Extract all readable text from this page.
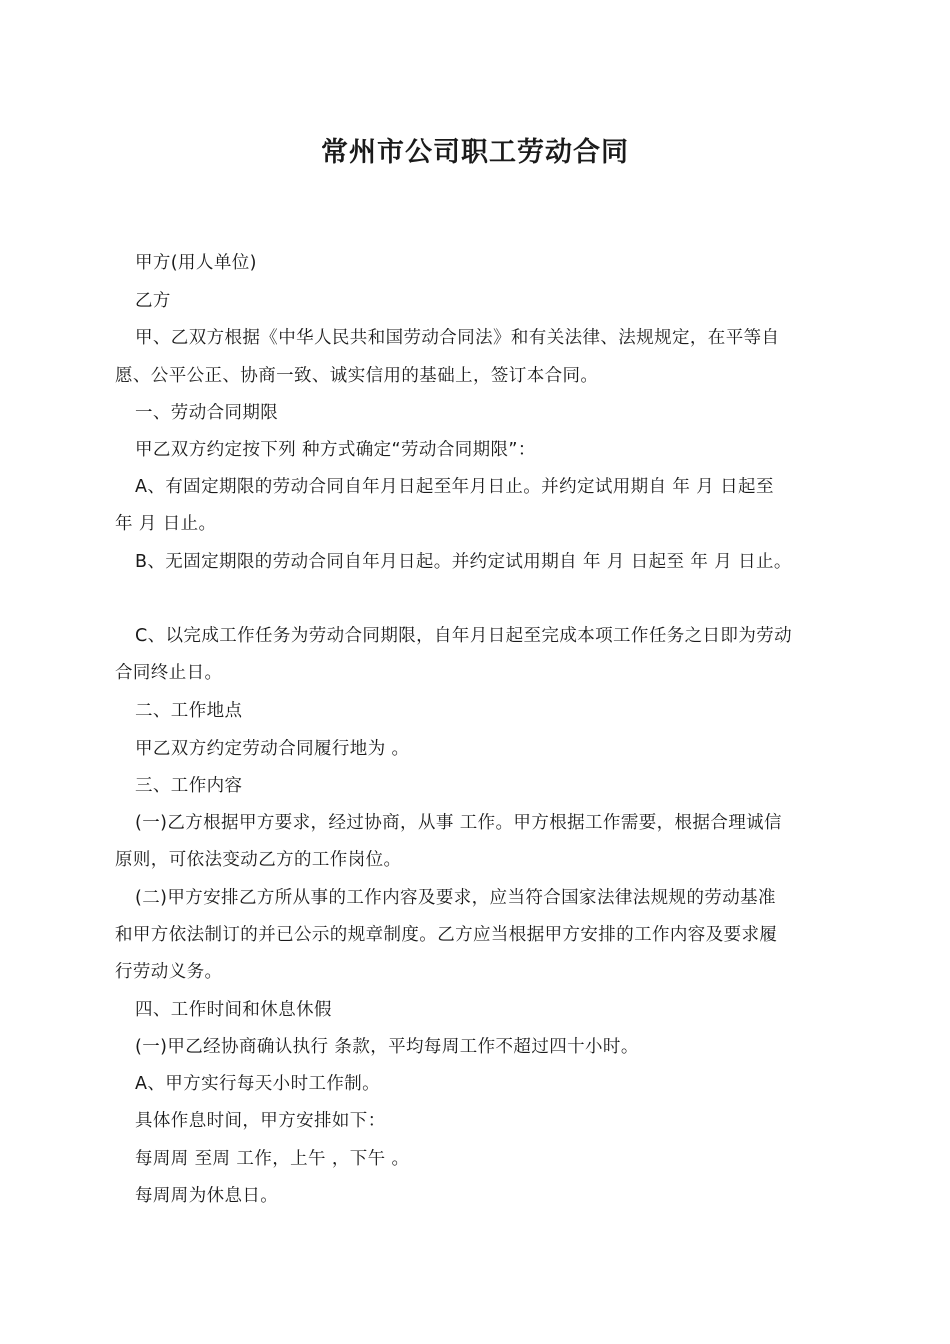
常州市公司职工劳动合同
甲方(用人单位)
乙方
甲、乙双方根据《中华人民共和国劳动合同法》和有关法律、法规规定，在平等自
愿、公平公正、协商一致、诚实信用的基础上，签订本合同。
一、劳动合同期限
甲乙双方约定按下列 种方式确定“劳动合同期限”：
A、有固定期限的劳动合同自年月日起至年月日止。并约定试用期自 年 月 日起至
年 月 日止。
B、无固定期限的劳动合同自年月日起。并约定试用期自 年 月 日起至 年 月 日止。
C、以完成工作任务为劳动合同期限，自年月日起至完成本项工作任务之日即为劳动
合同终止日。
二、工作地点
甲乙双方约定劳动合同履行地为 。
三、工作内容
(一)乙方根据甲方要求，经过协商，从事 工作。甲方根据工作需要，根据合理诚信
原则，可依法变动乙方的工作岗位。
(二)甲方安排乙方所从事的工作内容及要求，应当符合国家法律法规规的劳动基准
和甲方依法制订的并已公示的规章制度。乙方应当根据甲方安排的工作内容及要求履
行劳动义务。
四、工作时间和休息休假
(一)甲乙经协商确认执行 条款，平均每周工作不超过四十小时。
A、甲方实行每天小时工作制。
具体作息时间，甲方安排如下：
每周周 至周 工作，上午 ，下午 。
每周周为休息日。
